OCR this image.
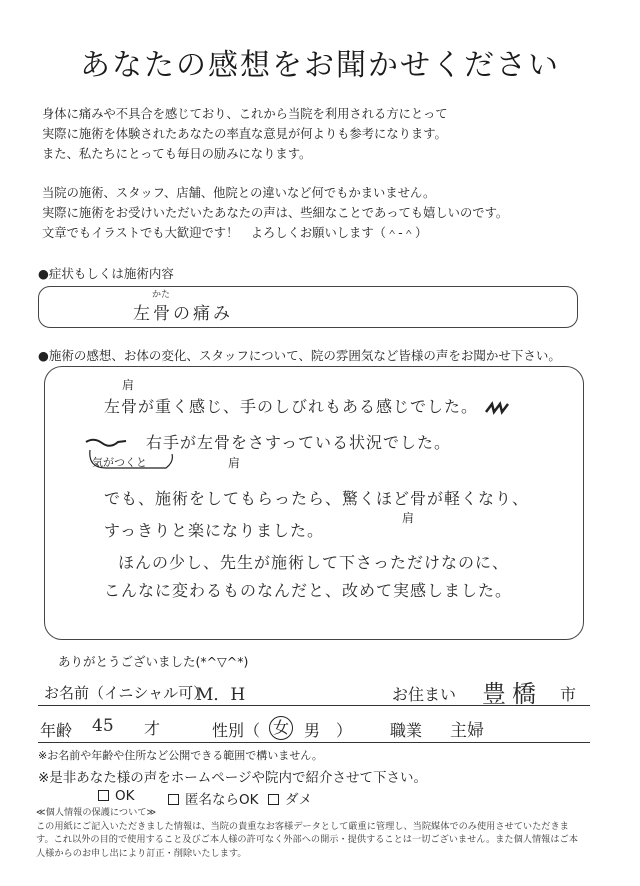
あなたの感想をお聞かせください
身体に痛みや不具合を感じており、これから当院を利用される方にとって
実際に施術を体験されたあなたの率直な意見が何よりも参考になります。
また、私たちにとっても毎日の励みになります。
当院の施術、スタッフ、店舗、他院との違いなど何でもかまいません。
実際に施術をお受けいただいたあなたの声は、些細なことであっても嬉しいのです。
文章でもイラストでも大歓迎です！　よろしくお願いします（＾-＾）
●症状もしくは施術内容
かた
左骨の痛み
●施術の感想、お体の変化、スタッフについて、院の雰囲気など皆様の声をお聞かせ下さい。
肩
左骨が重く感じ、手のしびれもある感じでした。
気がつくと
右手が左骨をさすっている状況でした。
肩
でも、施術をしてもらったら、驚くほど骨が軽くなり、
肩
すっきりと楽になりました。
ほんの少し、先生が施術して下さっただけなのに、
こんなに変わるものなんだと、改めて実感しました。
ありがとうございました(*^▽^*)
お名前（イニシャル可）
M．H	お住まい 豊橋 市
年齢 45 才	性別（ 女 男　） 職業 主婦
※お名前や年齢や住所など公開できる範囲で構いません。
※是非あなた様の声をホームページや院内で紹介させて下さい。
OK	匿名ならOK	ダメ
≪個人情報の保護について≫
この用紙にご記入いただきました情報は、当院の貴重なお客様データとして厳重に管理し、当院媒体でのみ使用させていただきま
す。これ以外の目的で使用すること及びご本人様の許可なく外部への開示・提供することは一切ございません。また個人情報はご本
人様からのお申し出により訂正・削除いたします。
